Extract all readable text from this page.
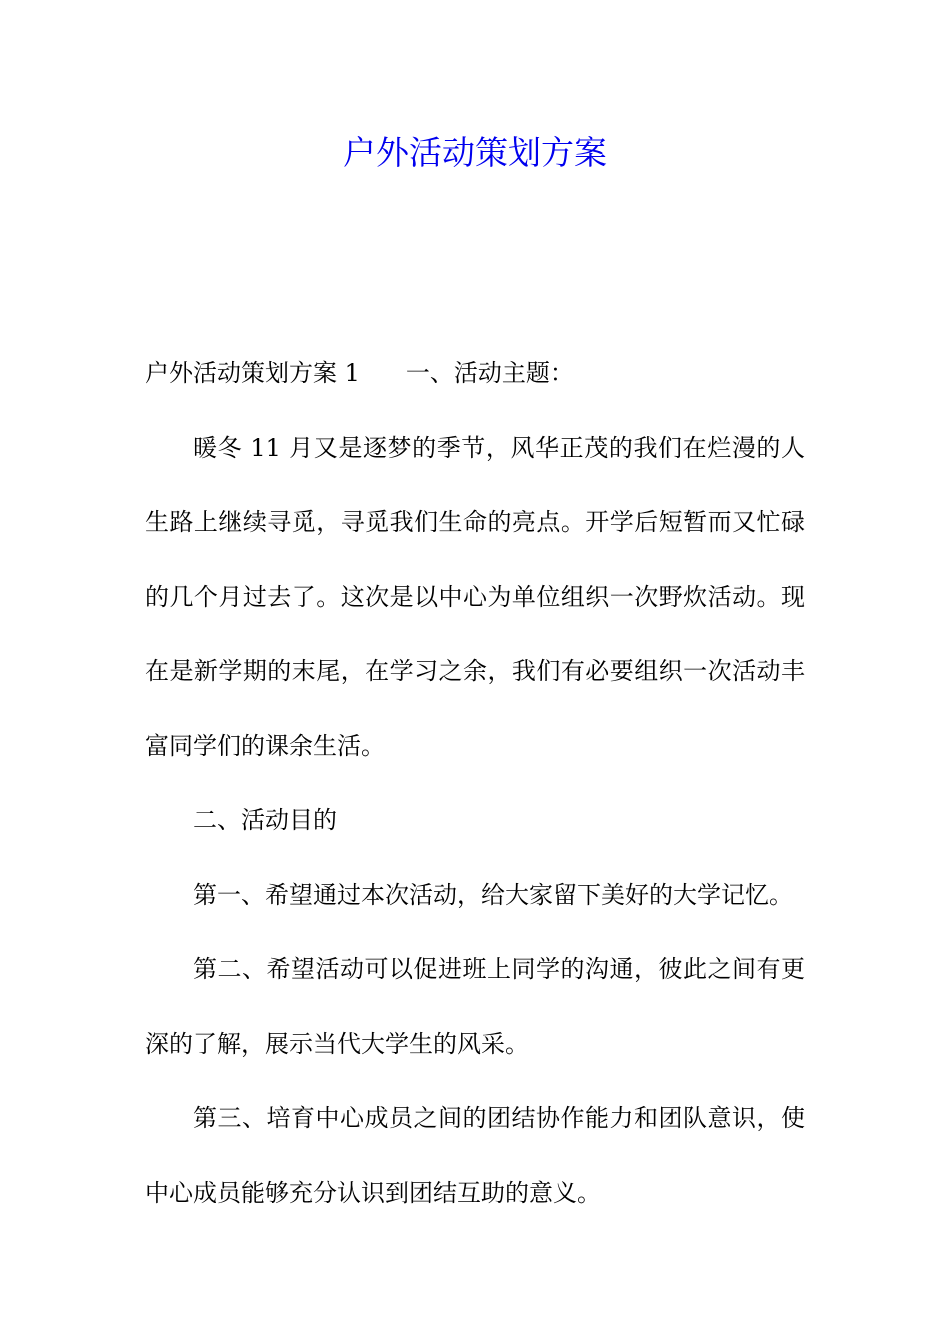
户外活动策划方案

户外活动策划方案 1 一、活动主题：

暖冬 11 月又是逐梦的季节，风华正茂的我们在烂漫的人生路上继续寻觅，寻觅我们生命的亮点。开学后短暂而又忙碌的几个月过去了。这次是以中心为单位组织一次野炊活动。现在是新学期的末尾，在学习之余，我们有必要组织一次活动丰富同学们的课余生活。

二、活动目的

第一、希望通过本次活动，给大家留下美好的大学记忆。

第二、希望活动可以促进班上同学的沟通，彼此之间有更深的了解，展示当代大学生的风采。

第三、培育中心成员之间的团结协作能力和团队意识，使中心成员能够充分认识到团结互助的意义。
